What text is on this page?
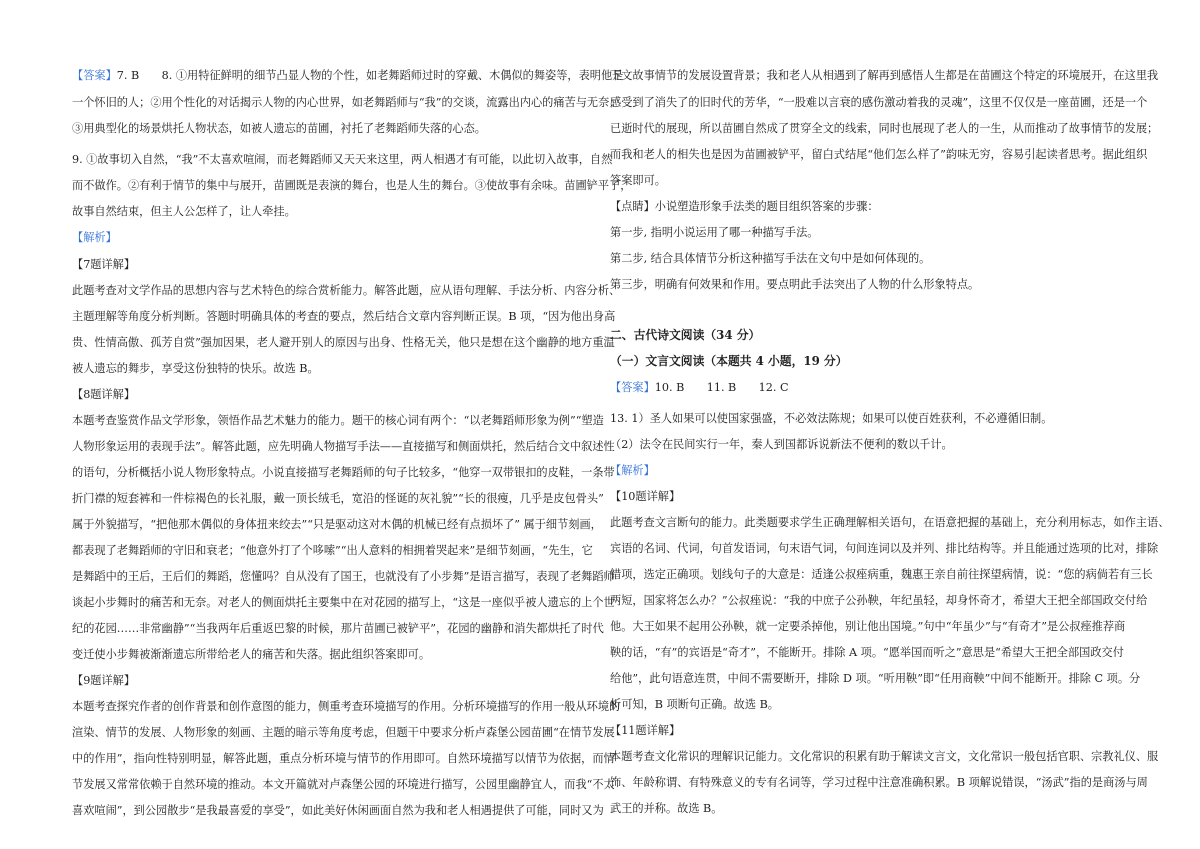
【答案】7. B　　8. ①用特征鲜明的细节凸显人物的个性，如老舞蹈师过时的穿戴、木偶似的舞姿等，表明他是
一个怀旧的人；②用个性化的对话揭示人物的内心世界，如老舞蹈师与“我”的交谈，流露出内心的痛苦与无奈；
③用典型化的场景烘托人物状态，如被人遗忘的苗圃，衬托了老舞蹈师失落的心态。
9. ①故事切入自然，“我”不太喜欢喧闹，而老舞蹈师又天天来这里，两人相遇才有可能，以此切入故事，自然
而不做作。②有利于情节的集中与展开，苗圃既是表演的舞台，也是人生的舞台。③使故事有余味。苗圃铲平了，
故事自然结束，但主人公怎样了，让人牵挂。
【解析】
【7题详解】
此题考查对文学作品的思想内容与艺术特色的综合赏析能力。解答此题，应从语句理解、手法分析、内容分析、
主题理解等角度分析判断。答题时明确具体的考查的要点，然后结合文章内容判断正误。B 项，“因为他出身高
贵、性情高傲、孤芳自赏”强加因果，老人避开别人的原因与出身、性格无关，他只是想在这个幽静的地方重温
被人遗忘的舞步，享受这份独特的快乐。故选 B。
【8题详解】
本题考查鉴赏作品文学形象，领悟作品艺术魅力的能力。题干的核心词有两个：“以老舞蹈师形象为例”“塑造
人物形象运用的表现手法”。解答此题，应先明确人物描写手法——直接描写和侧面烘托，然后结合文中叙述性
的语句，分析概括小说人物形象特点。小说直接描写老舞蹈师的句子比较多，“他穿一双带银扣的皮鞋，一条带
折门襟的短套裤和一件棕褐色的长礼服，戴一顶长绒毛，宽沿的怪诞的灰礼貌”“长的很瘦，几乎是皮包骨头”
属于外貌描写，“把他那木偶似的身体扭来绞去”“只是驱动这对木偶的机械已经有点损坏了” 属于细节刻画，
都表现了老舞蹈师的守旧和衰老；“他意外打了个哆嗦”“出人意料的相拥着哭起来”是细节刻画，“先生，它
是舞蹈中的王后，王后们的舞蹈，您懂吗？自从没有了国王，也就没有了小步舞”是语言描写，表现了老舞蹈师
谈起小步舞时的痛苦和无奈。对老人的侧面烘托主要集中在对花园的描写上，“这是一座似乎被人遗忘的上个世
纪的花园……非常幽静”“当我两年后重返巴黎的时候，那片苗圃已被铲平”，花园的幽静和消失都烘托了时代
变迁使小步舞被渐渐遗忘所带给老人的痛苦和失落。据此组织答案即可。
【9题详解】
本题考查探究作者的创作背景和创作意图的能力，侧重考查环境描写的作用。分析环境描写的作用一般从环境的
渲染、情节的发展、人物形象的刻画、主题的暗示等角度考虑，但题干中要求分析卢森堡公园苗圃“在情节发展
中的作用”，指向性特别明显，解答此题，重点分析环境与情节的作用即可。自然环境描写以情节为依据，而情
节发展又常常依赖于自然环境的推动。本文开篇就对卢森堡公园的环境进行描写，公园里幽静宜人，而我“不太
喜欢喧闹”，到公园散步“是我最喜爱的享受”，如此美好休闲画面自然为我和老人相遇提供了可能，同时又为
下文故事情节的发展设置背景；我和老人从相遇到了解再到感悟人生都是在苗圃这个特定的环境展开，在这里我
感受到了消失了的旧时代的芳华，“一股难以言衰的感伤激动着我的灵魂”，这里不仅仅是一座苗圃，还是一个
已逝时代的展现，所以苗圃自然成了贯穿全文的线索，同时也展现了老人的一生，从而推动了故事情节的发展；
而我和老人的相失也是因为苗圃被铲平，留白式结尾“他们怎么样了”韵味无穷，容易引起读者思考。据此组织
答案即可。
【点睛】小说塑造形象手法类的题目组织答案的步骤：
第一步, 指明小说运用了哪一种描写手法。
第二步, 结合具体情节分析这种描写手法在文句中是如何体现的。
第三步，明确有何效果和作用。要点明此手法突出了人物的什么形象特点。
二、古代诗文阅读（34 分）
（一）文言文阅读（本题共 4 小题，19 分）
【答案】10. B　　11. B　　12. C
13. 1）圣人如果可以使国家强盛，不必效法陈规；如果可以使百姓获利，不必遵循旧制。
（2）法令在民间实行一年，秦人到国都诉说新法不便利的数以千计。
【解析】
【10题详解】
此题考查文言断句的能力。此类题要求学生正确理解相关语句，在语意把握的基础上，充分利用标志，如作主语、
宾语的名词、代词，句首发语词，句末语气词，句间连词以及并列、排比结构等。并且能通过选项的比对，排除
错项，选定正确项。划线句子的大意是：适逢公叔痤病重，魏惠王亲自前往探望病情，说：“您的病倘若有三长
两短，国家将怎么办？”公叔痤说：“我的中庶子公孙鞅，年纪虽轻，却身怀奇才，希望大王把全部国政交付给
他。大王如果不起用公孙鞅，就一定要杀掉他，别让他出国境。”句中“年虽少”与“有奇才”是公叔痤推荐商
鞅的话，“有”的宾语是“奇才”，不能断开。排除 A 项。“愿举国而听之”意思是“希望大王把全部国政交付
给他”，此句语意连贯，中间不需要断开，排除 D 项。“听用鞅”即“任用商鞅”中间不能断开。排除 C 项。分
析可知，B 项断句正确。故选 B。
【11题详解】
本题考查文化常识的理解识记能力。文化常识的积累有助于解读文言文，文化常识一般包括官职、宗教礼仪、服
饰、年龄称谓、有特殊意义的专有名词等，学习过程中注意准确积累。B 项解说错误，“汤武”指的是商汤与周
武王的并称。故选 B。
